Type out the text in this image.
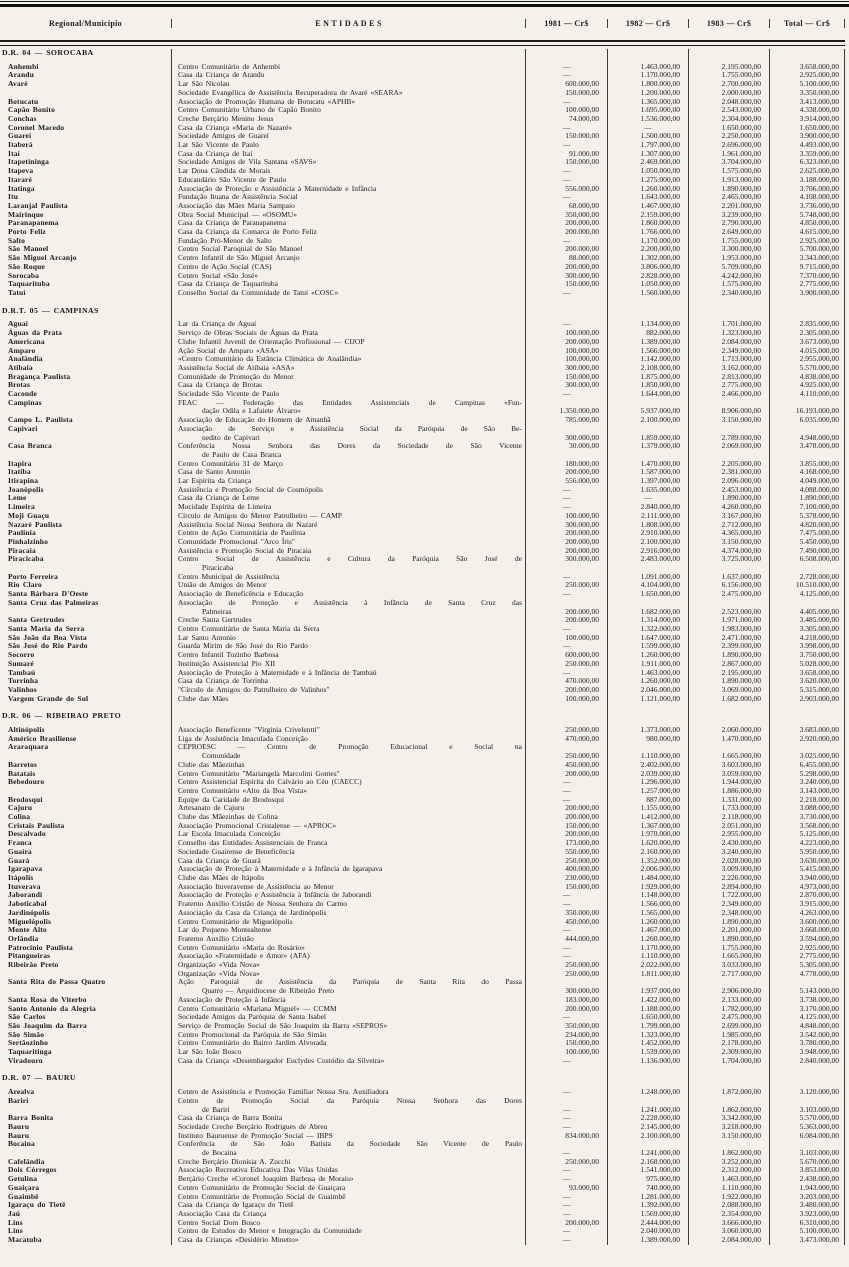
Regional/Municipio	E N T I D A D E S	1981 — Cr$	1982 — Cr$	1983 — Cr$	Total — Cr$
D.R. 04 — SOROCABA
Anhembi	Centro Comunitário de Anhembi	—	1.463.000,00	2.195.000,00	3.658.000,00
Arandu	Casa da Criança de Arandu	—	1.170.000,00	1.755.000,00	2.925.000,00
Avaré	Lar São Nicolau	600.000,00	1.800.000,00	2.700.000,00	5.100.000,00
Sociedade Evangélica de Assistência Recuperadora de Avaré «SEARA»	150.000,00	1.200.000,00	2.000.000,00	3.350.000,00
Botucatu	Associação de Promoção Humana de Botucatu «APHB»	—	1.365.000,00	2.048.000,00	3.413.000,00
Capão Bonito	Centro Comunitário Urbano de Capão Bonito	100.000,00	1.695.000,00	2.543.000,00	4.338.000,00
Conchas	Creche Berçário Menino Jesus	74.000,00	1.536.000,00	2.304.000,00	3.914.000,00
Coronel Macedo	Casa da Criança «Maria de Nazaré»	—	—	1.650.000,00	1.650.000,00
Guareí	Sociedade Amigos de Guareí	150.000,00	1.500.000,00	2.250.000,00	3.900.000,00
Itaberá	Lar São Vicente de Paulo	—	1.797.000,00	2.696.000,00	4.493.000,00
Itaí	Casa da Criança de Itaí	91.000,00	1.307.000,00	1.961.000,00	3.359.000,00
Itapetininga	Sociedade Amigos de Vila Santana «SAVS»	150.000,00	2.469.000,00	3.704.000,00	6.323.000,00
Itapeva	Lar Dona Cândida de Morais	—	1.050.000,00	1.575.000,00	2.625.000,00
Itararé	Educandário São Vicente de Paulo	—	1.275.000,00	1.913.000,00	3.188.000,00
Itatinga	Associação de Proteção e Assistência à Maternidade e Infância	556.000,00	1.260.000,00	1.890.000,00	3.706.000,00
Itu	Fundação Ituana de Assistência Social	—	1.643.000,00	2.465.000,00	4.108.000,00
Laranjal Paulista	Associação das Mães Maria Sampaio	68.000,00	1.467.000,00	2.201.000,00	3.736.000,00
Mairinque	Obra Social Municipal — «OSOMU»	350.000,00	2.159.000,00	3.239.000,00	5.748.000,00
Paranapanema	Casa da Criança de Paranapanema	200.000,00	1.860.000,00	2.790.000,00	4.850.000,00
Porto Feliz	Casa da Criança da Comarca de Porto Feliz	200.000,00	1.766.000,00	2.649.000,00	4.615.000,00
Salto	Fundação Pró-Menor de Salto	—	1.170.000,00	1.755.000,00	2.925.000,00
São Manoel	Centro Social Paroquial de São Manoel	200.000,00	2.200.000,00	3.300.000,00	5.700.000,00
São Miguel Arcanjo	Centro Infantil de São Miguel Arcanjo	88.000,00	1.302.000,00	1.953.000,00	3.343.000,00
São Roque	Centro de Ação Social (CAS)	200.000,00	3.806.000,00	5.709.000,00	9.715.000,00
Sorocaba	Centro Social «São José»	300.000,00	2.828.000,00	4.242.000,00	7.370.000,00
Taquarituba	Casa da Criança de Taquarituba	150.000,00	1.050.000,00	1.575.000,00	2.775.000,00
Tatuí	Conselho Social da Comunidade de Tatuí «COSC»	—	1.560.000,00	2.340.000,00	3.900.000,00
D.R.T. 05 — CAMPINAS
Aguaí	Lar da Criança de Aguaí	—	1.134.000,00	1.701.000,00	2.835.000,00
Águas da Prata	Serviço de Obras Sociais de Águas da Prata	100.000,00	882.000,00	1.323.000,00	2.305.000,00
Americana	Clube Infantil Juvenil de Orientação Profissional — CIJOP	200.000,00	1.389.000,00	2.084.000,00	3.673.000,00
Amparo	Ação Social de Amparo «ASA»	100.000,00	1.566.000,00	2.349.000,00	4.015.000,00
Analândia	«Centro Comunitário da Estância Climática de Analândia»	100.000,00	1.142.000,00	1.713.000,00	2.955.000,00
Atibaia	Assistência Social de Atibaia «ASA»	300.000,00	2.108.000,00	3.162.000,00	5.570.000,00
Bragança Paulista	Comunidade de Promoção do Menor	150.000,00	1.875.000,00	2.813.000,00	4.838.000,00
Brotas	Casa da Criança de Brotas	300.000,00	1.850.000,00	2.775.000,00	4.925.000,00
Caconde	Sociedade São Vicente de Paulo	—	1.644.000,00	2.466.000,00	4.110.000,00
Campinas	FEAC — Federação das Entidades Assistenciais de Campinas «Fun-
dação Odila e Lafaiete Álvaro»	1.350.000,00	5.937.000,00	8.906.000,00	16.193.000,00
Campo L. Paulista	Associação de Educação do Homem de Amanhã	785.000,00	2.100.000,00	3.150.000,00	6.035.000,00
Capivari	Associação de Serviço e Assistência Social da Paróquia de São Be-
nedito de Capivari	300.000,00	1.859.000,00	2.789.000,00	4.948.000,00
Casa Branca	Conferência Nossa Senhora das Dores da Sociedade de São Vicente
de Paulo de Casa Branca
30.000,00	1.379.000,00	2.069.000,00	3.478.000,00
Itapira	Centro Comunitário 31 de Março	180.000,00	1.470.000,00	2.205.000,00	3.855.000,00
Itatiba	Casa de Santo Antonio	200.000,00	1.587.000,00	2.381.000,00	4.168.000,00
Itirapina	Lar Espírita da Criança	556.000,00	1.397.000,00	2.096.000,00	4.049.000,00
Joanópolis	Assistência e Promoção Social de Cosmópolis	—	1.635.000,00	2.453.000,00	4.088.000,00
Leme	Casa da Criança de Leme	—	—	1.890.000,00	1.890.000,00
Limeira	Mocidade Espírita de Limeira	—	2.840.000,00	4.260.000,00	7.100.000,00
Moji Guaçu	Círculo de Amigos do Menor Patrulheiro — CAMP	100.000,00	2.111.000,00	3.167.000,00	5.378.000,00
Nazaré Paulista	Assistência Social Nossa Senhora de Nazaré	300.000,00	1.808.000,00	2.712.000,00	4.820.000,00
Paulínia	Centro de Ação Comunitária de Paulínia	200.000,00	2.910.000,00	4.365.000,00	7.475.000,00
Pinhalzinho	Comunidade Promocional "Arco Íris"	200.000,00	2.100.000,00	3.150.000,00	5.450.000,00
Piracaia	Assistência e Promoção Social de Piracaia	200.000,00	2.916.000,00	4.374.000,00	7.490.000,00
Piracicaba	Centro Social de Assistência e Cultura da Paróquia São José de
Piracicaba
300.000,00	2.483.000,00	3.725.000,00	6.508.000,00
Porto Ferreira	Centro Municipal de Assistência	—	1.091.000,00	1.637.000,00	2.728.000,00
Rio Claro	União de Amigos do Menor	250.000,00	4.104.000,00	6.156.000,00	10.510.000,00
Santa Bárbara D'Oeste	Associação de Beneficência e Educação	—	1.650.000,00	2.475.000,00	4.125.000,00
Santa Cruz das Palmeiras	Associação de Proteção e Assistência à Infância de Santa Cruz das
Palmeiras	200.000,00	1.682.000,00	2.523.000,00	4.405.000,00
Santa Gertrudes	Creche Santa Gertrudes	200.000,00	1.314.000,00	1.971.000,00	3.485.000,00
Santa Maria da Serra	Centro Comunitário de Santa Maria da Serra	—	1.322.000,00	1.983.000,00	3.305.000,00
São João da Boa Vista	Lar Santo Antonio	100.000,00	1.647.000,00	2.471.000,00	4.218.000,00
São José do Rio Pardo	Guarda Mirim de São José do Rio Pardo	—	1.599.000,00	2.399.000,00	3.998.000,00
Socorro	Centro Infantil Tozinho Barbosa	600.000,00	1.260.000,00	1.890.000,00	3.750.000,00
Sumaré	Instituição Assistencial Pio XII	250.000,00	1.911.000,00	2.867.000,00	5.028.000,00
Tambaú	Associação de Proteção à Maternidade e à Infância de Tambaú	—	1.463.000,00	2.195.000,00	3.658.000,00
Torrinha	Casa da Criança de Torrinha	470.000,00	1.260.000,00	1.890.000,00	3.620.000,00
Valinhos	"Círculo de Amigos do Patrulheiro de Valinhos"	200.000,00	2.046.000,00	3.069.000,00	5.315.000,00
Vargem Grande do Sul	Clube das Mães	100.000,00	1.121.000,00	1.682.000,00	2.903.000,00
D.R. 06 — RIBEIRAO PRETO
Altinópolis	Associação Beneficente "Virginia Crivelentti"	250.000,00	1.373.000,00	2.060.000,00	3.683.000,00
Américo Brasiliense	Liga de Assistência Imaculada Conceição	470.000,00	980.000,00	1.470.000,00	2.920.000,00
Araraquara	CEPROESC — Centro de Promoção Educacional e Social na
Comunidade	250.000,00	1.110.000,00	1.665.000,00	3.025.000,00
Barretos	Clube das Mãezinhas	450.000,00	2.402.000,00	3.603.000,00	6.455.000,00
Batatais	Centro Comunitário "Mariangela Marcolini Gomes"	200.000,00	2.039.000,00	3.059.000,00	5.298.000,00
Bebedouro	Centro Assistencial Espírita do Calvário ao Céu (CAECC)	—	1.296.000,00	1.944.000,00	3.240.000,00
Centro Comunitário «Alto da Boa Vista»	—	1.257.000,00	1.886.000,00	3.143.000,00
Brodosqui	Equipe da Caridade de Brodosqui	—	887.000,00	1.331.000,00	2.218.000,00
Cajuru	Artesanato de Cajuru	200.000,00	1.155.000,00	1.733.000,00	3.088.000,00
Colina	Clube das Mãezinhas de Colina	200.000,00	1.412.000,00	2.118.000,00	3.730.000,00
Cristais Paulista	Associação Promocional Cristalense — «APROC»	150.000,00	1.367.000,00	2.051.000,00	3.568.000,00
Descalvado	Lar Escola Imaculada Conceição	200.000,00	1.970.000,00	2.955.000,00	5.125.000,00
Franca	Conselho das Entidades Assistenciais de Franca	173.000,00	1.620.000,00	2.430.000,00	4.223.000,00
Guaíra	Sociedade Guairense de Beneficência	550.000,00	2.160.000,00	3.240.000,00	5.950.000,00
Guará	Casa da Criança de Guará	250.000,00	1.352.000,00	2.028.000,00	3.630.000,00
Igarapava	Associação de Proteção à Maternidade e à Infância de Igarapava	400.000,00	2.006.000,00	3.009.000,00	5.415.000,00
Itápolis	Clube das Mães de Itápolis	230.000,00	1.484.000,00	2.226.000,00	3.940.000,00
Ituverava	Associação Ituveravense de Assistência ao Menor	150.000,00	1.929.000,00	2.894.000,00	4.973.000,00
Jaborandi	Associação de Proteção e Assistência à Infância de Jaborandi	—	1.148.000,00	1.722.000,00	2.870.000,00
Jaboticabal	Fraterno Auxílio Cristão de Nossa Senhora do Carmo	—	1.566.000,00	2.349.000,00	3.915.000,00
Jardinópolis	Associação da Casa da Criança de Jardinópolis	350.000,00	1.565.000,00	2.348.000,00	4.263.000,00
Miguelópolis	Centro Comunitário de Miguelópolis	450.000,00	1.260.000,00	1.890.000,00	3.600.000,00
Monte Alto	Lar do Pequeno Montealtense	—	1.467.000,00	2.201.000,00	3.668.000,00
Orlândia	Fraterno Auxílio Cristão	444.000,00	1.260.000,00	1.890.000,00	3.594.000,00
Patrocínio Paulista	Centro Comunitário «Maria do Rosário»	—	1.170.000,00	1.755.000,00	2.925.000,00
Pitangueiras	Associação «Fraternidade e Amor» (AFA)	—	1.110.000,00	1.665.000,00	2.775.000,00
Ribeirão Preto	Organização «Vida Nova»	250.000,00	2.022.000,00	3.033.000,00	5.305.000,00
Organização «Vida Nova»	250.000,00	1.811.000,00	2.717.000,00	4.778.000,00
Santa Rita do Passa Quatro	Ação Paroquial de Assistência da Paróquia de Santa Rita do Passa
Quatro — Arquidiocese de Ribeirão Preto	300.000,00	1.937.000,00	2.906.000,00	5.143.000,00
Santa Rosa do Viterbo	Associação de Proteção à Infância	183.000,00	1.422.000,00	2.133.000,00	3.738.000,00
Santo Antonio da Alegria	Centro Comunitário «Mariana Miguel» — CCMM	200.000,00	1.188.000,00	1.782.000,00	3.170.000,00
São Carlos	Sociedade Amigos da Paróquia de Santa Isabel	—	1.650.000,00	2.475.000,00	4.125.000,00
São Joaquim da Barra	Serviço de Promoção Social de São Joaquim da Barra «SEPROS»	350.000,00	1.799.000,00	2.699.000,00	4.848.000,00
São Simão	Centro Promocional da Paróquia de São Simão	234.000,00	1.323.000,00	1.985.000,00	3.542.000,00
Sertãozinho	Centro Comunitário do Bairro Jardim Alvorada	150.000,00	1.452.000,00	2.178.000,00	3.780.000,00
Taquaritinga	Lar São João Bosco	100.000,00	1.539.000,00	2.309.000,00	3.948.000,00
Viradouro	Casa da Criança «Desembargador Euclydes Custódio da Silveira»	—	1.136.000,00	1.704.000,00	2.840.000,00
D.R. 07 — BAURU
Arealva	Centro de Assistência e Promoção Familiar Nossa Sra. Auxiliadora	—	1.248.000,00	1.872.000,00	3.120.000,00
Bariri	Centro de Promoção Social da Paróquia Nossa Senhora das Dores
de Bariri	—	1.241.000,00	1.862.000,00	3.103.000,00
Barra Bonita	Casa da Criança de Barra Bonita	—	2.228.000,00	3.342.000,00	5.570.000,00
Bauru	Sociedade Creche Berçário Rodrigues de Abreu	—	2.145.000,00	3.218.000,00	5.363.000,00
Bauru	Instituto Bauruense de Promoção Social — IBPS	834.000,00	2.100.000,00	3.150.000,00	6.084.000,00
Bocaina	Conferência de São João Batista da Sociedade São Vicente de Paulo
de Bocaina	—	1.241.000,00	1.862.000,00	3.103.000,00
Cafelândia	Creche Berçário Dionísia A. Zucchi	250.000,00	2.168.000,00	3.252.000,00	5.670.000,00
Dois Córregos	Associação Recreativa Educativa Das Vilas Unidas	—	1.541.000,00	2.312.000,00	3.853.000,00
Getulina	Berçário Creche «Coronel Joaquim Barbosa de Morais»	—	975.000,00	1.463.000,00	2.438.000,00
Guaiçara	Centro Comunitário de Promoção Social de Guaiçara	93.000,00	740.000,00	1.110.000,00	1.943.000,00
Guaimbê	Centro Comunitário de Promoção Social de Guaimbê	—	1.281.000,00	1.922.000,00	3.203.000,00
Igaraçu do Tietê	Casa da Criança de Igaraçu do Tietê	—	1.392.000,00	2.088.000,00	3.480.000,00
Jaú	Associação Casa da Criança	—	1.569.000,00	2.354.000,00	3.923.000,00
Lins	Centro Social Dom Bosco	200.000,00	2.444.000,00	3.666.000,00	6.310.000,00
Lins	Centro de Estudos do Menor e Integração da Comunidade	—	2.040.000,00	3.060.000,00	5.100.000,00
Macatuba	Casa da Crianças «Desidério Minetto»	—	1.389.000,00	2.084.000,00	3.473.000,00
